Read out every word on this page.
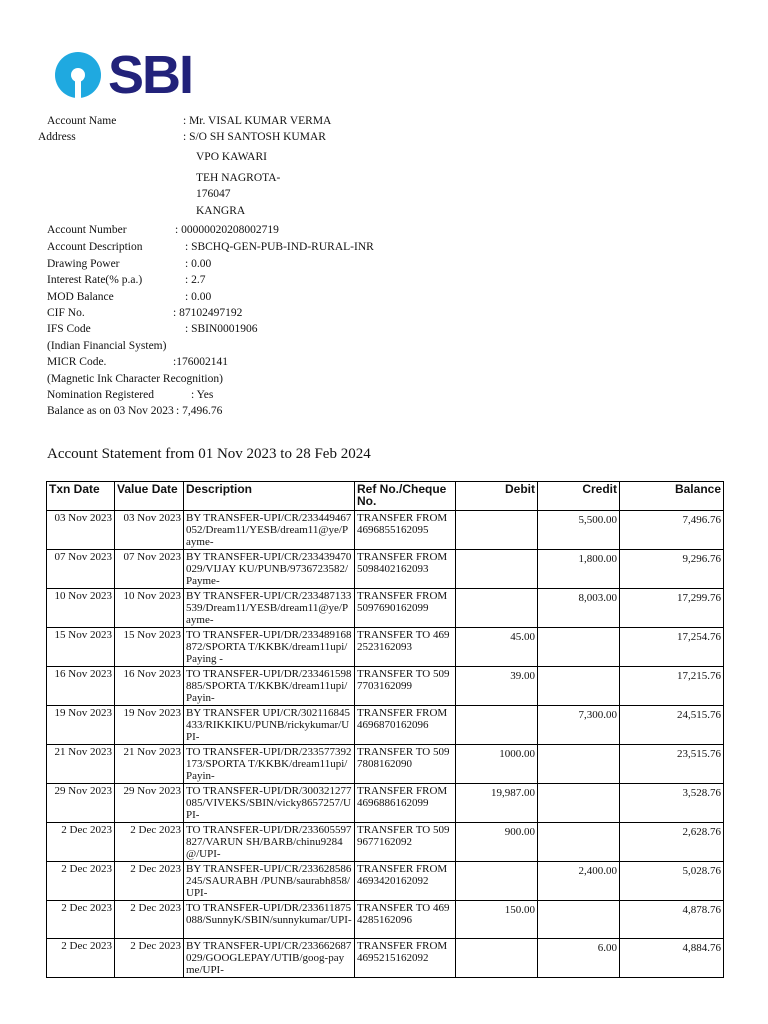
SBI
Account Name	: Mr. VISAL KUMAR VERMA
Address	: S/O SH SANTOSH KUMAR
VPO KAWARI
TEH NAGROTA-
176047
KANGRA
Account Number	: 00000020208002719
Account Description	: SBCHQ-GEN-PUB-IND-RURAL-INR
Drawing Power	: 0.00
Interest Rate(% p.a.)	: 2.7
MOD Balance	: 0.00
CIF No.	: 87102497192
IFS Code	: SBIN0001906
(Indian Financial System)
MICR Code.	:176002141
(Magnetic Ink Character Recognition)
Nomination Registered	: Yes
Balance as on 03 Nov 2023 : 7,496.76
Account Statement from 01 Nov 2023 to 28 Feb 2024
Txn Date	Value Date	Description	Ref No./Cheque No.	Debit	Credit	Balance
03 Nov 2023	03 Nov 2023	BY TRANSFER-UPI/CR/233449467052/Dream11/YESB/dream11@ye/Payme-	TRANSFER FROM 4696855162095		5,500.00	7,496.76
07 Nov 2023	07 Nov 2023	BY TRANSFER-UPI/CR/233439470029/VIJAY KU/PUNB/9736723582/Payme-	TRANSFER FROM 5098402162093		1,800.00	9,296.76
10 Nov 2023	10 Nov 2023	BY TRANSFER-UPI/CR/233487133539/Dream11/YESB/dream11@ye/Payme-	TRANSFER FROM 5097690162099		8,003.00	17,299.76
15 Nov 2023	15 Nov 2023	TO TRANSFER-UPI/DR/233489168872/SPORTA T/KKBK/dream11upi/Paying -	TRANSFER TO 4692523162093	45.00		17,254.76
16 Nov 2023	16 Nov 2023	TO TRANSFER-UPI/DR/233461598885/SPORTA T/KKBK/dream11upi/Payin-	TRANSFER TO 5097703162099	39.00		17,215.76
19 Nov 2023	19 Nov 2023	BY TRANSFER UPI/CR/302116845433/RIKKIKU/PUNB/rickykumar/UPI-	TRANSFER FROM 4696870162096		7,300.00	24,515.76
21 Nov 2023	21 Nov 2023	TO TRANSFER-UPI/DR/233577392173/SPORTA T/KKBK/dream11upi/Payin-	TRANSFER TO 5097808162090	1000.00		23,515.76
29 Nov 2023	29 Nov 2023	TO TRANSFER-UPI/DR/300321277085/VIVEKS/SBIN/vicky8657257/UPI-	TRANSFER FROM 4696886162099	19,987.00		3,528.76
2 Dec 2023	2 Dec 2023	TO TRANSFER-UPI/DR/233605597827/VARUN SH/BARB/chinu9284@/UPI-	TRANSFER TO 5099677162092	900.00		2,628.76
2 Dec 2023	2 Dec 2023	BY TRANSFER-UPI/CR/233628586245/SAURABH /PUNB/saurabh858/UPI-	TRANSFER FROM 4693420162092		2,400.00	5,028.76
2 Dec 2023	2 Dec 2023	TO TRANSFER-UPI/DR/233611875088/SunnyK/SBIN/sunnykumar/UPI-	TRANSFER TO 4694285162096	150.00		4,878.76
2 Dec 2023	2 Dec 2023	BY TRANSFER-UPI/CR/233662687029/GOOGLEPAY/UTIB/goog-payme/UPI-	TRANSFER FROM 4695215162092		6.00	4,884.76
